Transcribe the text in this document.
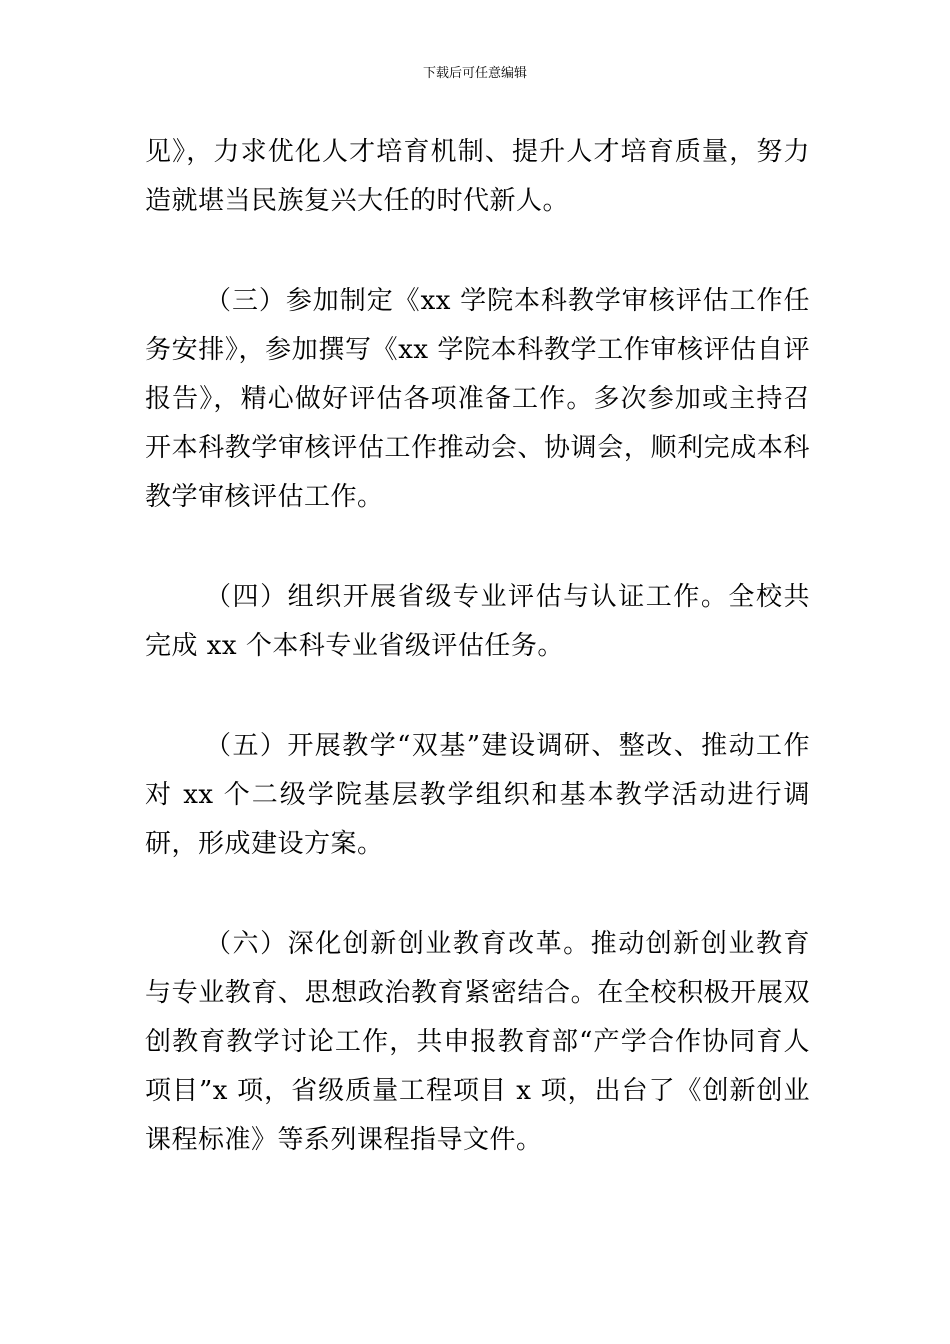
下载后可任意编辑

见》，力求优化人才培育机制、提升人才培育质量，努力造就堪当民族复兴大任的时代新人。

（三）参加制定《xx 学院本科教学审核评估工作任务安排》，参加撰写《xx 学院本科教学工作审核评估自评报告》，精心做好评估各项准备工作。多次参加或主持召开本科教学审核评估工作推动会、协调会，顺利完成本科教学审核评估工作。

（四）组织开展省级专业评估与认证工作。全校共完成 xx 个本科专业省级评估任务。

（五）开展教学“双基”建设调研、整改、推动工作对 xx 个二级学院基层教学组织和基本教学活动进行调研，形成建设方案。

（六）深化创新创业教育改革。推动创新创业教育与专业教育、思想政治教育紧密结合。在全校积极开展双创教育教学讨论工作，共申报教育部“产学合作协同育人项目”x 项，省级质量工程项目 x 项，出台了《创新创业课程标准》等系列课程指导文件。
